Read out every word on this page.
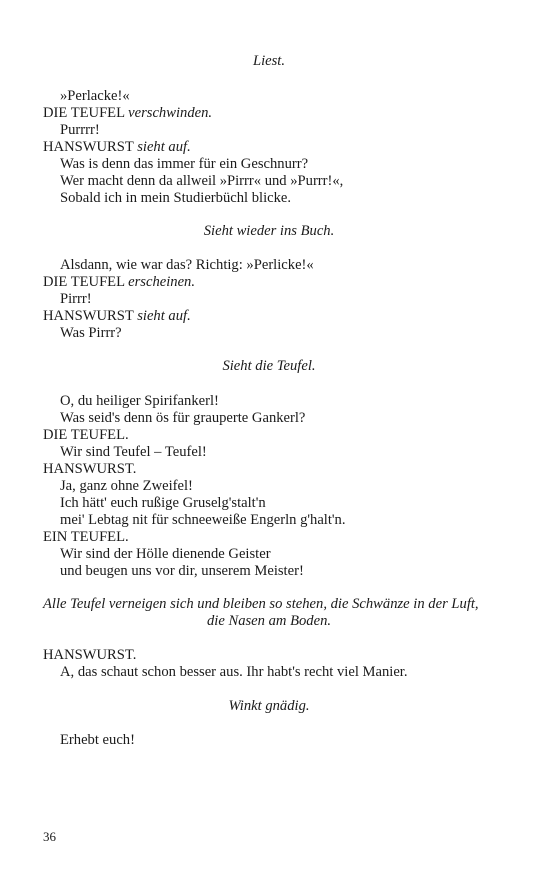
Liest.
»Perlacke!«
DIE TEUFEL verschwinden.
Purrrr!
HANSWURST sieht auf.
Was is denn das immer für ein Geschnurr?
Wer macht denn da allweil »Pirrr« und »Purrr!«,
Sobald ich in mein Studierbüchl blicke.
Sieht wieder ins Buch.
Alsdann, wie war das? Richtig: »Perlicke!«
DIE TEUFEL erscheinen.
Pirrr!
HANSWURST sieht auf.
Was Pirrr?
Sieht die Teufel.
O, du heiliger Spirifankerl!
Was seid's denn ös für grauperte Gankerl?
DIE TEUFEL.
Wir sind Teufel – Teufel!
HANSWURST.
Ja, ganz ohne Zweifel!
Ich hätt' euch rußige Gruselg'stalt'n
mei' Lebtag nit für schneeweiße Engerln g'halt'n.
EIN TEUFEL.
Wir sind der Hölle dienende Geister
und beugen uns vor dir, unserem Meister!
Alle Teufel verneigen sich und bleiben so stehen, die Schwänze in der Luft,
die Nasen am Boden.
HANSWURST.
A, das schaut schon besser aus. Ihr habt's recht viel Manier.
Winkt gnädig.
Erhebt euch!
36
